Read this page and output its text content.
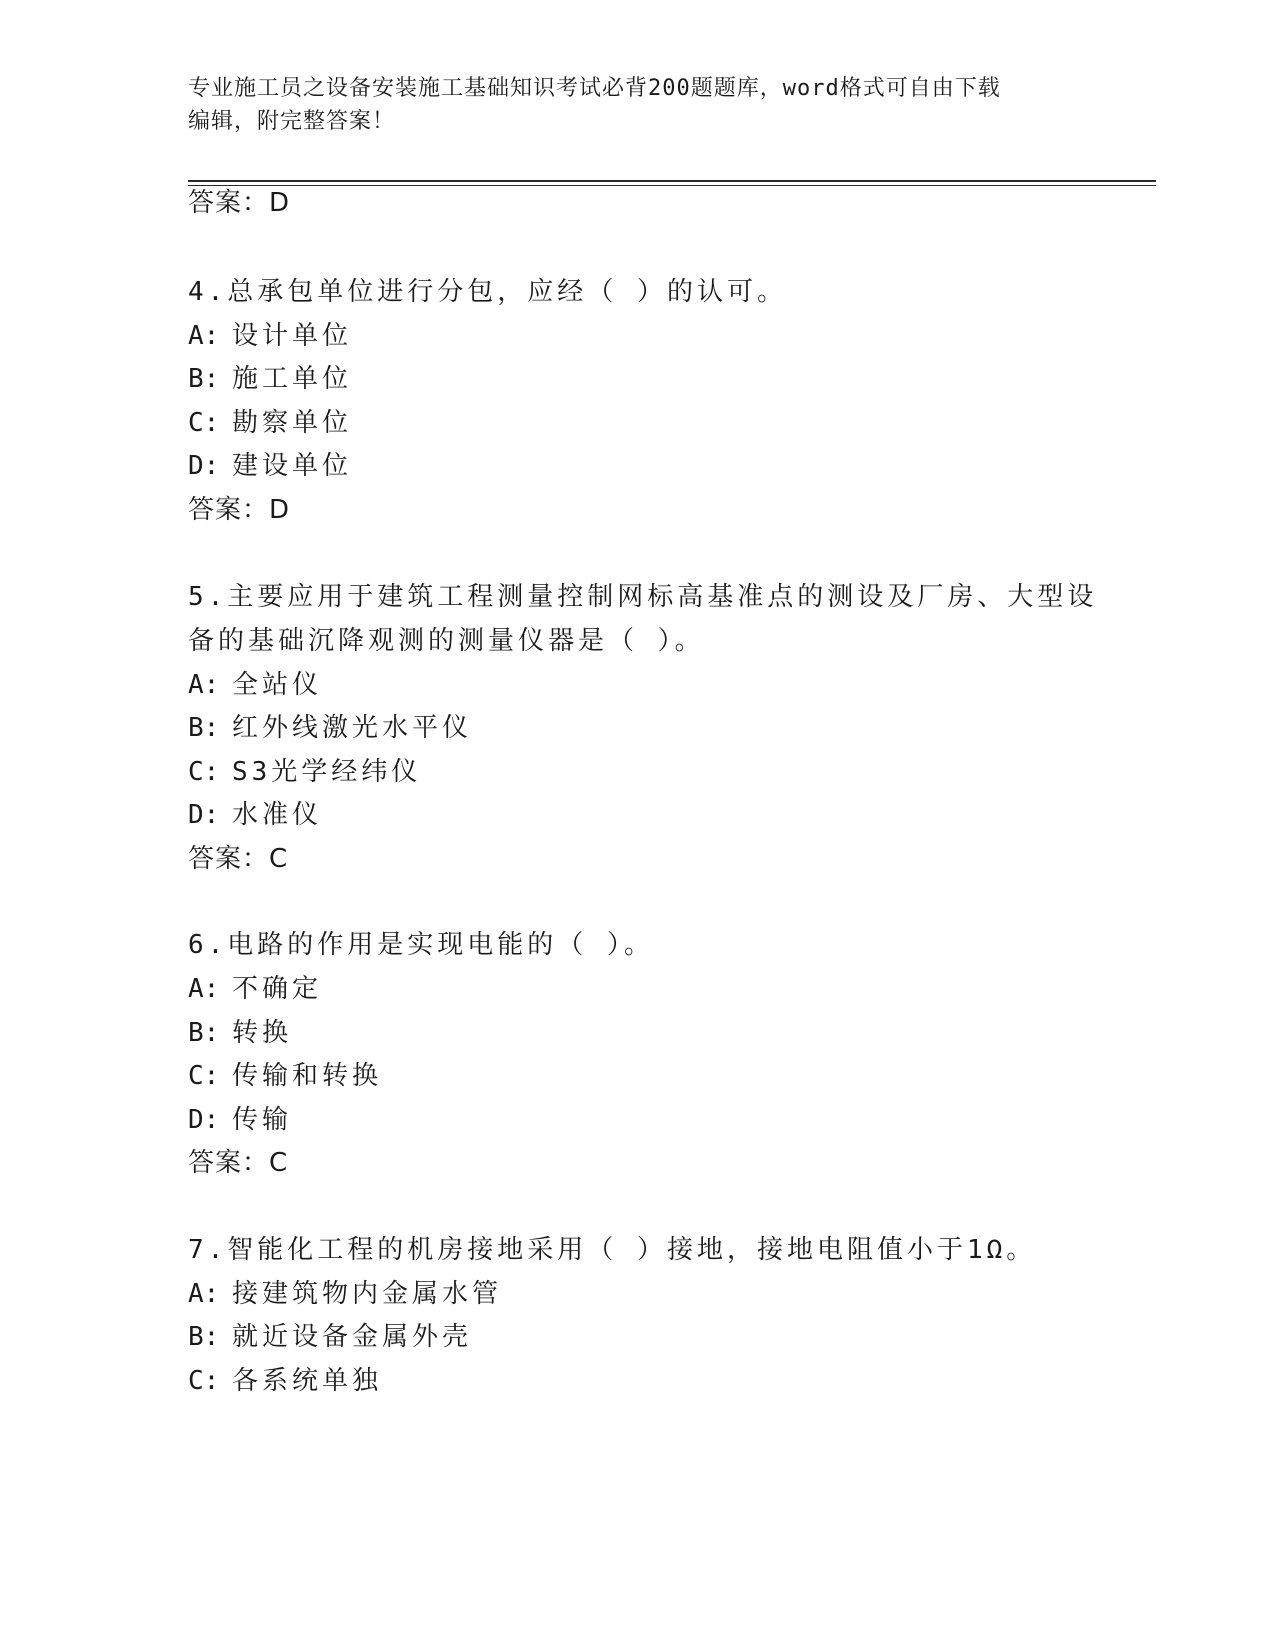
专业施工员之设备安装施工基础知识考试必背200题题库，word格式可自由下载
编辑，附完整答案！
答案：D
4.总承包单位进行分包，应经（ ）的认可。
A: 设计单位
B: 施工单位
C: 勘察单位
D: 建设单位
答案：D
5.主要应用于建筑工程测量控制网标高基准点的测设及厂房、大型设
备的基础沉降观测的测量仪器是（ ）。
A: 全站仪
B: 红外线激光水平仪
C: S3光学经纬仪
D: 水准仪
答案：C
6.电路的作用是实现电能的（ ）。
A: 不确定
B: 转换
C: 传输和转换
D: 传输
答案：C
7.智能化工程的机房接地采用（ ）接地，接地电阻值小于1Ω。
A: 接建筑物内金属水管
B: 就近设备金属外壳
C: 各系统单独
